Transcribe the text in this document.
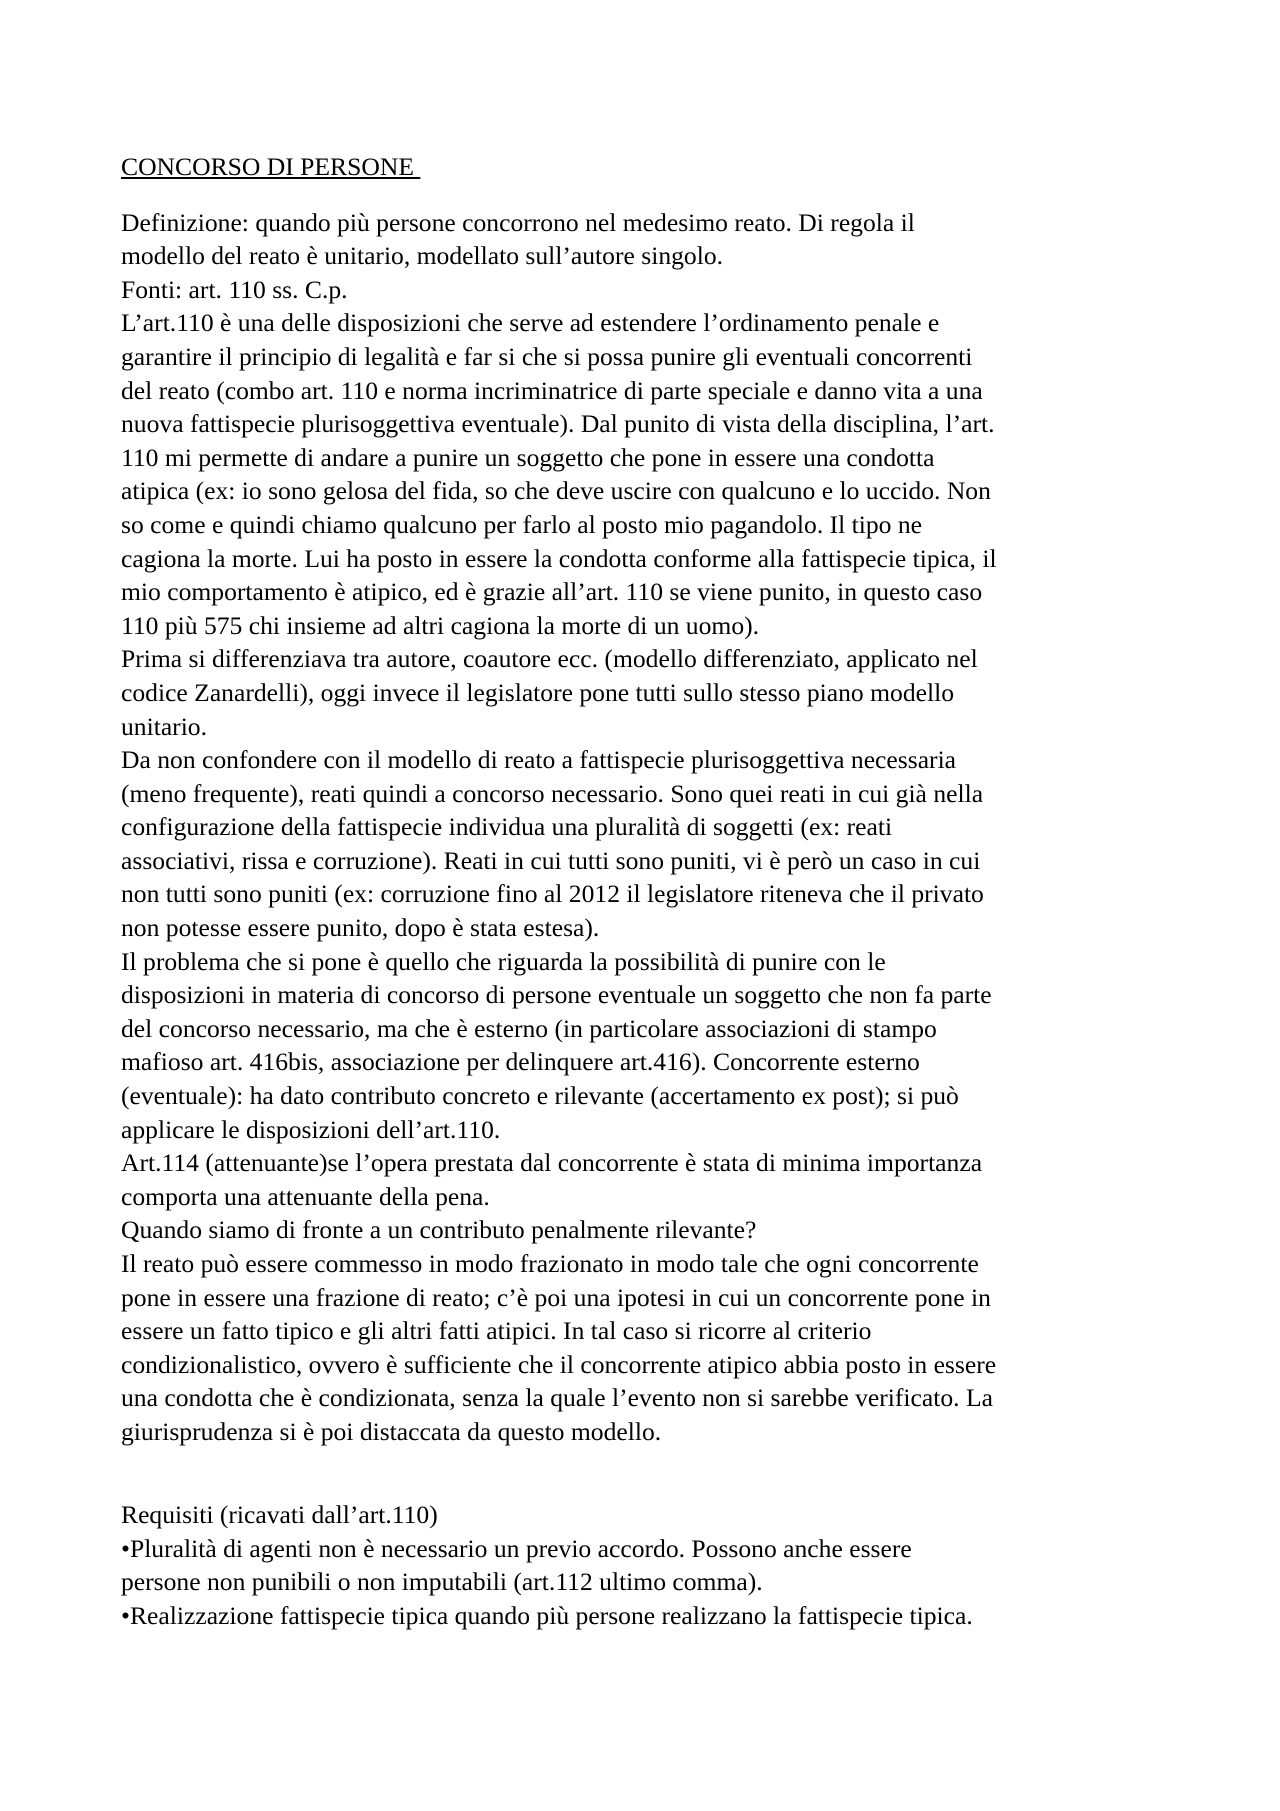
CONCORSO DI PERSONE
Definizione: quando più persone concorrono nel medesimo reato. Di regola il
modello del reato è unitario, modellato sull’autore singolo.
Fonti: art. 110 ss. C.p.
L’art.110 è una delle disposizioni che serve ad estendere l’ordinamento penale e
garantire il principio di legalità e far si che si possa punire gli eventuali concorrenti
del reato (combo art. 110 e norma incriminatrice di parte speciale e danno vita a una
nuova fattispecie plurisoggettiva eventuale). Dal punito di vista della disciplina, l’art.
110 mi permette di andare a punire un soggetto che pone in essere una condotta
atipica (ex: io sono gelosa del fida, so che deve uscire con qualcuno e lo uccido. Non
so come e quindi chiamo qualcuno per farlo al posto mio pagandolo. Il tipo ne
cagiona la morte. Lui ha posto in essere la condotta conforme alla fattispecie tipica, il
mio comportamento è atipico, ed è grazie all’art. 110 se viene punito, in questo caso
110 più 575 chi insieme ad altri cagiona la morte di un uomo).
Prima si differenziava tra autore, coautore ecc. (modello differenziato, applicato nel
codice Zanardelli), oggi invece il legislatore pone tutti sullo stesso piano modello
unitario.
Da non confondere con il modello di reato a fattispecie plurisoggettiva necessaria
(meno frequente), reati quindi a concorso necessario. Sono quei reati in cui già nella
configurazione della fattispecie individua una pluralità di soggetti (ex: reati
associativi, rissa e corruzione). Reati in cui tutti sono puniti, vi è però un caso in cui
non tutti sono puniti (ex: corruzione fino al 2012 il legislatore riteneva che il privato
non potesse essere punito, dopo è stata estesa).
Il problema che si pone è quello che riguarda la possibilità di punire con le
disposizioni in materia di concorso di persone eventuale un soggetto che non fa parte
del concorso necessario, ma che è esterno (in particolare associazioni di stampo
mafioso art. 416bis, associazione per delinquere art.416). Concorrente esterno
(eventuale): ha dato contributo concreto e rilevante (accertamento ex post); si può
applicare le disposizioni dell’art.110.
Art.114 (attenuante)se l’opera prestata dal concorrente è stata di minima importanza
comporta una attenuante della pena.
Quando siamo di fronte a un contributo penalmente rilevante?
Il reato può essere commesso in modo frazionato in modo tale che ogni concorrente
pone in essere una frazione di reato; c’è poi una ipotesi in cui un concorrente pone in
essere un fatto tipico e gli altri fatti atipici. In tal caso si ricorre al criterio
condizionalistico, ovvero è sufficiente che il concorrente atipico abbia posto in essere
una condotta che è condizionata, senza la quale l’evento non si sarebbe verificato. La
giurisprudenza si è poi distaccata da questo modello.
Requisiti (ricavati dall’art.110)
•Pluralità di agenti non è necessario un previo accordo. Possono anche essere
persone non punibili o non imputabili (art.112 ultimo comma).
•Realizzazione fattispecie tipica quando più persone realizzano la fattispecie tipica.
